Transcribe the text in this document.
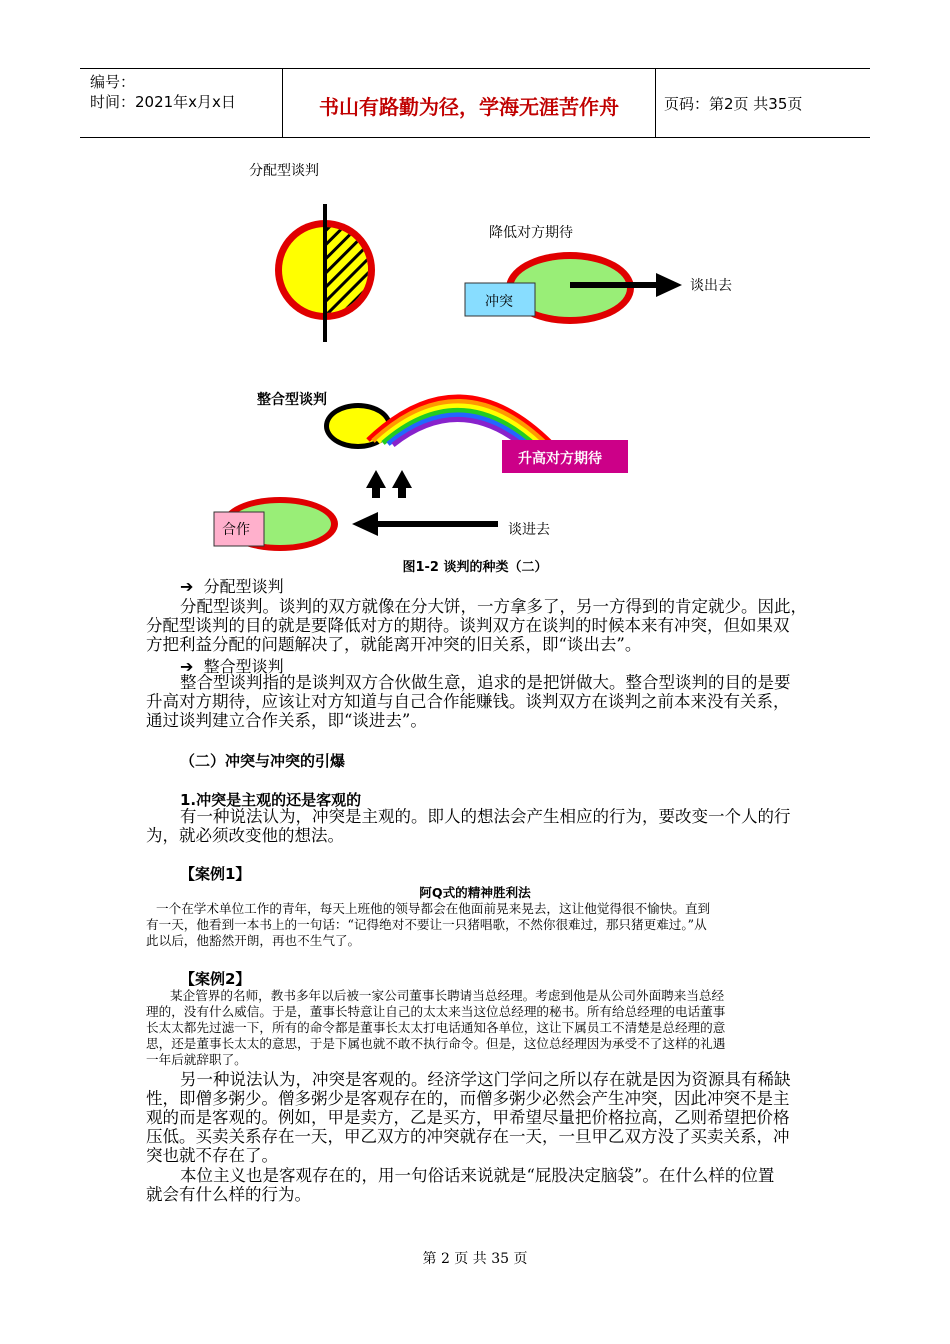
编号：
时间：2021年x月x日	书山有路勤为径，学海无涯苦作舟	页码：第2页 共35页
分配型谈判
降低对方期待
冲突
谈出去
整合型谈判
升高对方期待
合作	谈进去
图1-2 谈判的种类（二）
➔ 分配型谈判
分配型谈判。谈判的双方就像在分大饼，一方拿多了，另一方得到的肯定就少。因此，
分配型谈判的目的就是要降低对方的期待。谈判双方在谈判的时候本来有冲突，但如果双
方把利益分配的问题解决了，就能离开冲突的旧关系，即“谈出去”。
➔ 整合型谈判
整合型谈判指的是谈判双方合伙做生意，追求的是把饼做大。整合型谈判的目的是要
升高对方期待，应该让对方知道与自己合作能赚钱。谈判双方在谈判之前本来没有关系，
通过谈判建立合作关系，即“谈进去”。
（二）冲突与冲突的引爆
1.冲突是主观的还是客观的
有一种说法认为，冲突是主观的。即人的想法会产生相应的行为，要改变一个人的行
为，就必须改变他的想法。
【案例1】
阿Q式的精神胜利法
一个在学术单位工作的青年，每天上班他的领导都会在他面前晃来晃去，这让他觉得很不愉快。直到
有一天，他看到一本书上的一句话：“记得绝对不要让一只猪唱歌，不然你很难过，那只猪更难过。”从
此以后，他豁然开朗，再也不生气了。
【案例2】
某企管界的名师，教书多年以后被一家公司董事长聘请当总经理。考虑到他是从公司外面聘来当总经
理的，没有什么威信。于是，董事长特意让自己的太太来当这位总经理的秘书。所有给总经理的电话董事
长太太都先过滤一下，所有的命令都是董事长太太打电话通知各单位，这让下属员工不清楚是总经理的意
思，还是董事长太太的意思，于是下属也就不敢不执行命令。但是，这位总经理因为承受不了这样的礼遇
一年后就辞职了。
另一种说法认为，冲突是客观的。经济学这门学问之所以存在就是因为资源具有稀缺
性，即僧多粥少。僧多粥少是客观存在的，而僧多粥少必然会产生冲突，因此冲突不是主
观的而是客观的。例如，甲是卖方，乙是买方，甲希望尽量把价格拉高，乙则希望把价格
压低。买卖关系存在一天，甲乙双方的冲突就存在一天，一旦甲乙双方没了买卖关系，冲
突也就不存在了。
本位主义也是客观存在的，用一句俗话来说就是“屁股决定脑袋”。在什么样的位置
就会有什么样的行为。
第 2 页 共 35 页
